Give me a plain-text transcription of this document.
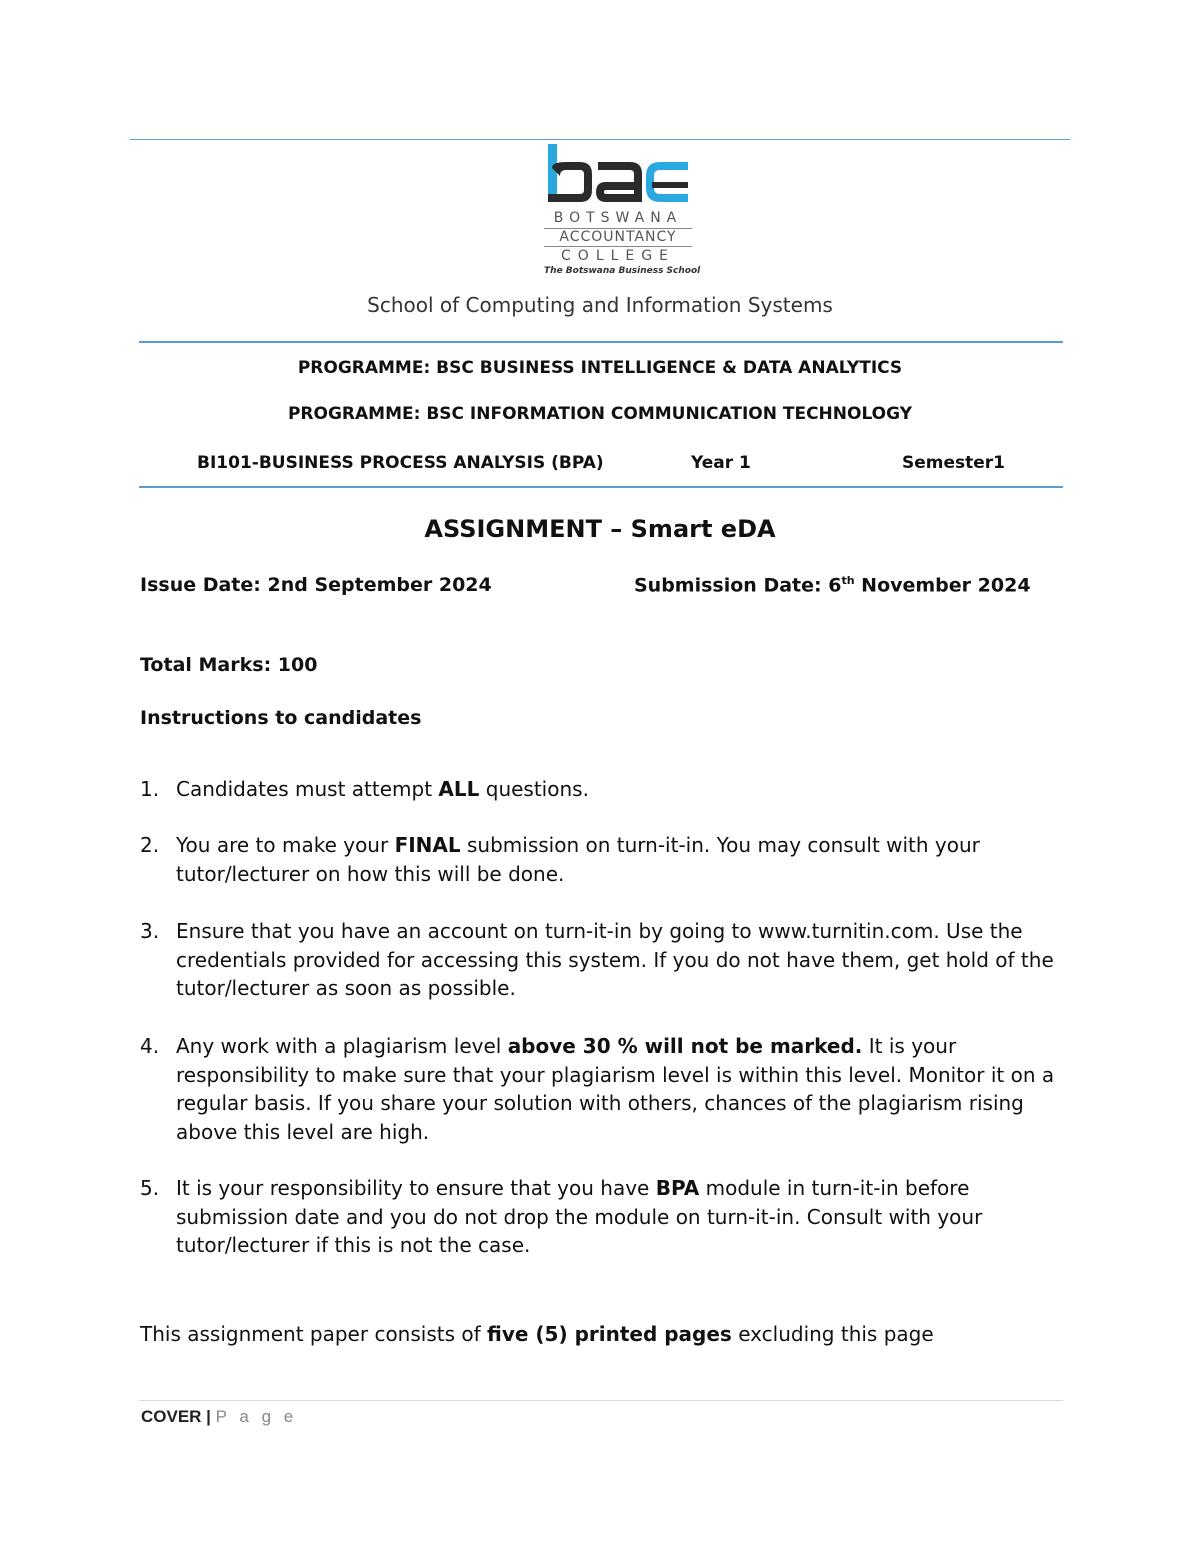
BOTSWANA
ACCOUNTANCY
COLLEGE
The Botswana Business School
School of Computing and Information Systems
PROGRAMME: BSC BUSINESS INTELLIGENCE & DATA ANALYTICS
PROGRAMME: BSC INFORMATION COMMUNICATION TECHNOLOGY
BI101-BUSINESS PROCESS ANALYSIS (BPA)	Year 1	Semester1
ASSIGNMENT – Smart eDA
Issue Date: 2nd September 2024	Submission Date: 6th November 2024
Total Marks: 100
Instructions to candidates
1. Candidates must attempt ALL questions.
2. You are to make your FINAL submission on turn-it-in. You may consult with your tutor/lecturer on how this will be done.
3. Ensure that you have an account on turn-it-in by going to www.turnitin.com. Use the credentials provided for accessing this system. If you do not have them, get hold of the tutor/lecturer as soon as possible.
4. Any work with a plagiarism level above 30 % will not be marked. It is your responsibility to make sure that your plagiarism level is within this level. Monitor it on a regular basis. If you share your solution with others, chances of the plagiarism rising above this level are high.
5. It is your responsibility to ensure that you have BPA module in turn-it-in before submission date and you do not drop the module on turn-it-in. Consult with your tutor/lecturer if this is not the case.
This assignment paper consists of five (5) printed pages excluding this page
COVER | P a g e
